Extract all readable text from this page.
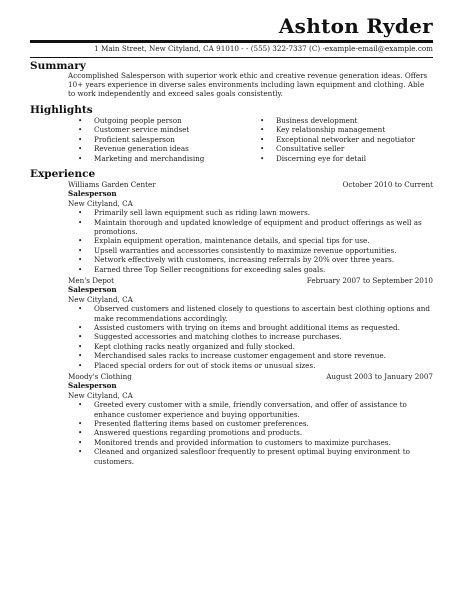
Ashton Ryder
1 Main Street, New Cityland, CA 91010 - - (555) 322-7337 (C) -example-email@example.com
Summary

Accomplished Salesperson with superior work ethic and creative revenue generation ideas. Offers 10+ years experience in diverse sales environments including lawn equipment and clothing. Able to work independently and exceed sales goals consistently.

Highlights
• Outgoing people person
• Customer service mindset
• Proficient salesperson
• Revenue generation ideas
• Marketing and merchandising
• Business development
• Key relationship management
• Exceptional networker and negotiator
• Consultative seller
• Discerning eye for detail
Experience
Williams Garden Center	October 2010 to Current
Salesperson
New Cityland, CA
• Primarily sell lawn equipment such as riding lawn mowers.
• Maintain thorough and updated knowledge of equipment and product offerings as well as promotions.
• Explain equipment operation, maintenance details, and special tips for use.
• Upsell warranties and accessories consistently to maximize revenue opportunities.
• Network effectively with customers, increasing referrals by 20% over three years.
• Earned three Top Seller recognitions for exceeding sales goals.
Men's Depot	February 2007 to September 2010
Salesperson
New Cityland, CA
• Observed customers and listened closely to questions to ascertain best clothing options and make recommendations accordingly.
• Assisted customers with trying on items and brought additional items as requested.
• Suggested accessories and matching clothes to increase purchases.
• Kept clothing racks neatly organized and fully stocked.
• Merchandised sales racks to increase customer engagement and store revenue.
• Placed special orders for out of stock items or unusual sizes.
Moody's Clothing	August 2003 to January 2007
Salesperson
New Cityland, CA
• Greeted every customer with a smile, friendly conversation, and offer of assistance to enhance customer experience and buying opportunities.
• Presented flattering items based on customer preferences.
• Answered questions regarding promotions and products.
• Monitored trends and provided information to customers to maximize purchases.
• Cleaned and organized salesfloor frequently to present optimal buying environment to customers.
